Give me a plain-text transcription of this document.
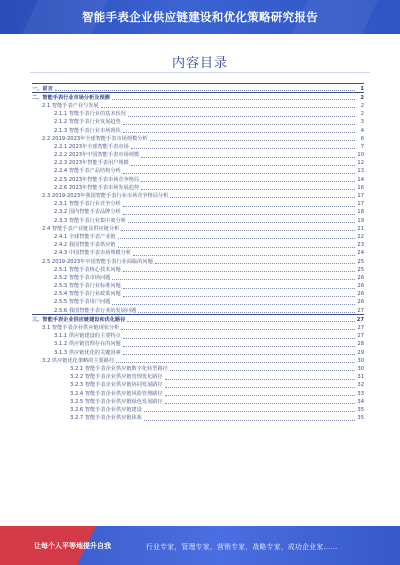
智能手表企业供应链建设和优化策略研究报告
内容目录
一、前言	1
二、智能手表行业市场分析及预测	2
2.1 智能手表产业与发展	2
2.1.1 智能手表行业的基本状况	2
2.1.2 智能手表行业发展趋势	3
2.1.3 智能手表行业市场现状	4
2.2 2019-2023年全球智能手表市场规模分析	6
2.2.1 2023年全球智能手表市场	7
2.2.2 2023年中国智能手表市场规模	10
2.2.3 2023年智能手表用户规模	12
2.2.4 智能手表产品结构分析	13
2.2.5 2023年智能手表市场竞争格局	14
2.2.6 2023年智能手表市场发展趋势	16
2.3 2019-2023年我国智能手表行业市场竞争格局分析	17
2.3.1 智能手表行业竞争分析	17
2.3.2 国内智能手表品牌分析	18
2.3.3 智能手表行业集中度分析	19
2.4 智能手表产业链及供应链分析	21
2.4.1 全球智能手表产业链	22
2.4.2 我国智能手表供应链	23
2.4.3 中国智能手表市场规模分析	24
2.5 2019-2023年中国智能手表行业面临的问题	25
2.5.1 智能手表核心技术问题	25
2.5.2 智能手表市场问题	26
2.5.3 智能手表行业标准问题	26
2.5.4 智能手表行业政策问题	26
2.5.5 智能手表用户问题	26
2.5.6 我国智能手表行业的发展问题	27
三、智能手表企业供应链建设和优化路径	27
3.1 智能手表企业供应链现状分析	27
3.1.1 供应链建设的主要特点	27
3.1.2 供应链管理存在的问题	28
3.1.3 供应链优化的关键因素	29
3.2 供应链优化策略的主要路径	30
3.2.1 智能手表企业供应链数字化转型路径	30
3.2.2 智能手表企业供应链管理优化路径	31
3.2.3 智能手表企业供应链协同发展路径	32
3.2.4 智能手表企业供应链风险管理路径	33
3.2.5 智能手表企业供应链绿色发展路径	34
3.2.6 智能手表企业供应链建设	35
3.2.7 智能手表企业供应链体系	35
让每个人平等地提升自我	行业专家，管理专家，营销专家，战略专家，成功企业家……
